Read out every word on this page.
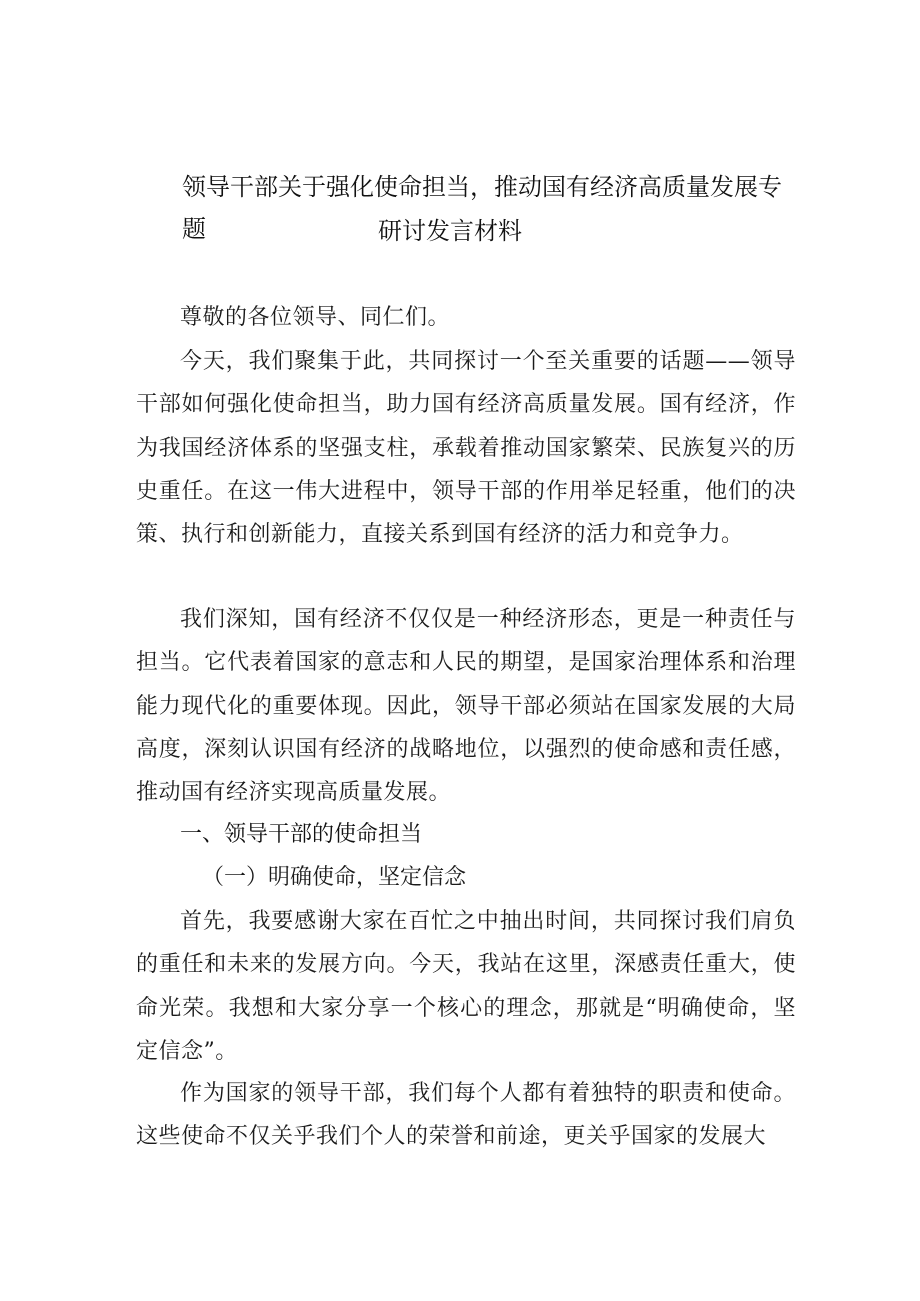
领导干部关于强化使命担当，推动国有经济高质量发展专题	研讨发言材料

尊敬的各位领导、同仁们。

今天，我们聚集于此，共同探讨一个至关重要的话题——领导干部如何强化使命担当，助力国有经济高质量发展。国有经济，作为我国经济体系的坚强支柱，承载着推动国家繁荣、民族复兴的历史重任。在这一伟大进程中，领导干部的作用举足轻重，他们的决策、执行和创新能力，直接关系到国有经济的活力和竞争力。

我们深知，国有经济不仅仅是一种经济形态，更是一种责任与担当。它代表着国家的意志和人民的期望，是国家治理体系和治理能力现代化的重要体现。因此，领导干部必须站在国家发展的大局高度，深刻认识国有经济的战略地位，以强烈的使命感和责任感，推动国有经济实现高质量发展。

一、领导干部的使命担当

（一）明确使命，坚定信念

首先，我要感谢大家在百忙之中抽出时间，共同探讨我们肩负的重任和未来的发展方向。今天，我站在这里，深感责任重大，使命光荣。我想和大家分享一个核心的理念，那就是“明确使命，坚定信念”。

作为国家的领导干部，我们每个人都有着独特的职责和使命。这些使命不仅关乎我们个人的荣誉和前途，更关乎国家的发展大
